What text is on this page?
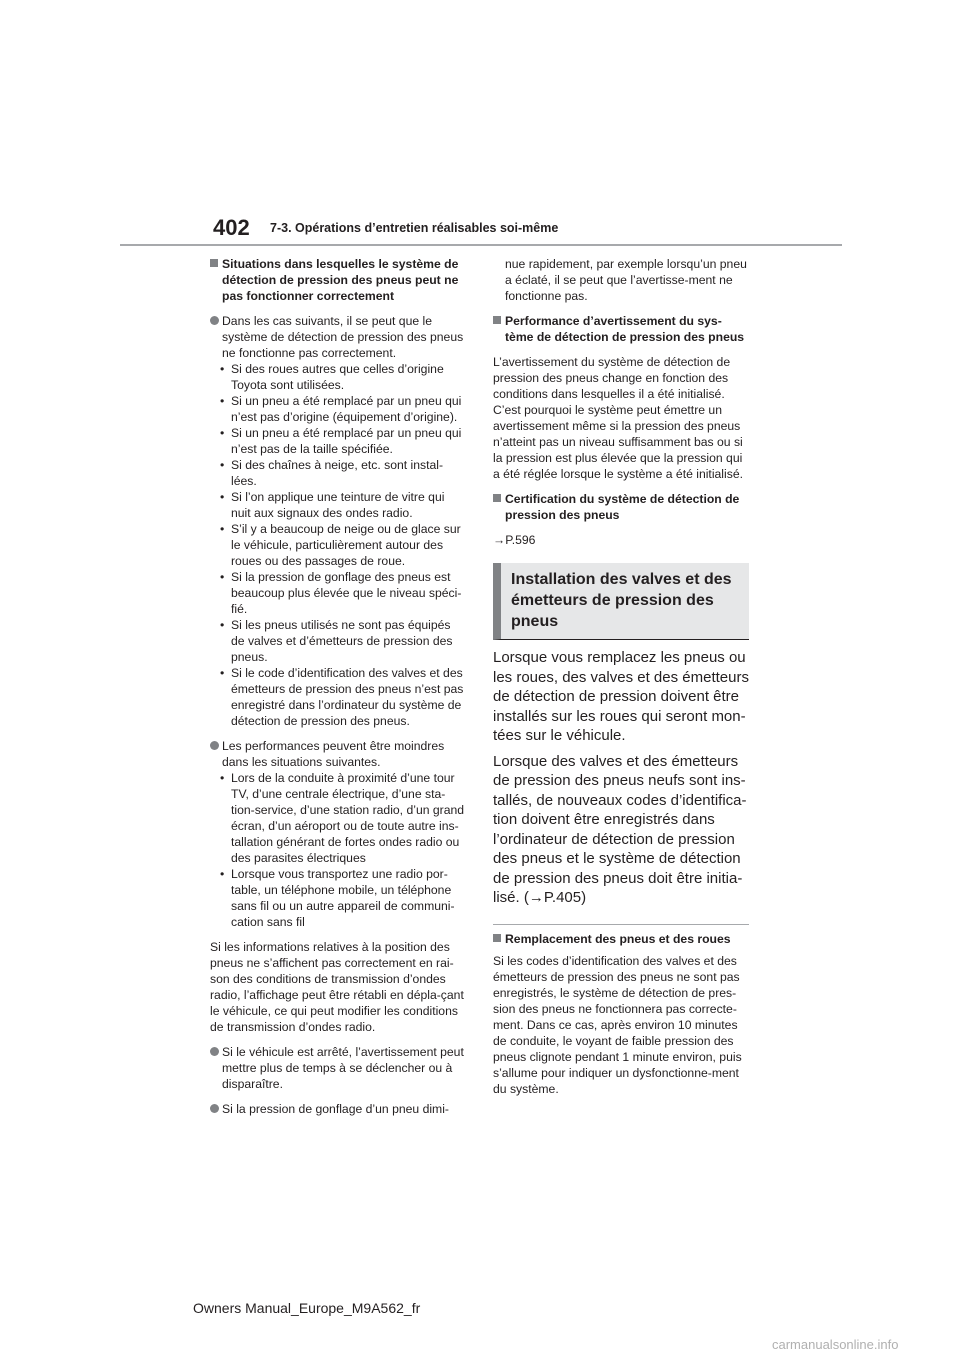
402 7-3. Opérations d’entretien réalisables soi-même
Situations dans lesquelles le système de détection de pression des pneus peut ne pas fonctionner correctement
Dans les cas suivants, il se peut que le système de détection de pression des pneus ne fonctionne pas correctement.
• Si des roues autres que celles d’origine Toyota sont utilisées.
• Si un pneu a été remplacé par un pneu qui n’est pas d’origine (équipement d’origine).
• Si un pneu a été remplacé par un pneu qui n’est pas de la taille spécifiée.
• Si des chaînes à neige, etc. sont instal-lées.
• Si l’on applique une teinture de vitre qui nuit aux signaux des ondes radio.
• S’il y a beaucoup de neige ou de glace sur le véhicule, particulièrement autour des roues ou des passages de roue.
• Si la pression de gonflage des pneus est beaucoup plus élevée que le niveau spéci-fié.
• Si les pneus utilisés ne sont pas équipés de valves et d’émetteurs de pression des pneus.
• Si le code d’identification des valves et des émetteurs de pression des pneus n’est pas enregistré dans l’ordinateur du système de détection de pression des pneus.
Les performances peuvent être moindres dans les situations suivantes.
• Lors de la conduite à proximité d’une tour TV, d’une centrale électrique, d’une sta-tion-service, d’une station radio, d’un grand écran, d’un aéroport ou de toute autre ins-tallation générant de fortes ondes radio ou des parasites électriques
• Lorsque vous transportez une radio por-table, un téléphone mobile, un téléphone sans fil ou un autre appareil de communi-cation sans fil
Si les informations relatives à la position des pneus ne s’affichent pas correctement en rai-son des conditions de transmission d’ondes radio, l’affichage peut être rétabli en dépla-çant le véhicule, ce qui peut modifier les conditions de transmission d’ondes radio.
Si le véhicule est arrêté, l’avertissement peut mettre plus de temps à se déclencher ou à disparaître.
Si la pression de gonflage d’un pneu dimi-
nue rapidement, par exemple lorsqu’un pneu a éclaté, il se peut que l’avertisse-ment ne fonctionne pas.
Performance d’avertissement du sys-tème de détection de pression des pneus
L’avertissement du système de détection de pression des pneus change en fonction des conditions dans lesquelles il a été initialisé. C’est pourquoi le système peut émettre un avertissement même si la pression des pneus n’atteint pas un niveau suffisamment bas ou si la pression est plus élevée que la pression qui a été réglée lorsque le système a été initialisé.
Certification du système de détection de pression des pneus
→P.596
Installation des valves et des émetteurs de pression des pneus

Lorsque vous remplacez les pneus ou les roues, des valves et des émetteurs de détection de pression doivent être installés sur les roues qui seront mon-tées sur le véhicule.

Lorsque des valves et des émetteurs de pression des pneus neufs sont ins-tallés, de nouveaux codes d’identifica-tion doivent être enregistrés dans l’ordinateur de détection de pression des pneus et le système de détection de pression des pneus doit être initia-lisé. (→P.405)

Remplacement des pneus et des roues
Si les codes d’identification des valves et des émetteurs de pression des pneus ne sont pas enregistrés, le système de détection de pres-sion des pneus ne fonctionnera pas correcte-ment. Dans ce cas, après environ 10 minutes de conduite, le voyant de faible pression des pneus clignote pendant 1 minute environ, puis s’allume pour indiquer un dysfonctionne-ment du système.
Owners Manual_Europe_M9A562_fr
carmanualsonline.info
